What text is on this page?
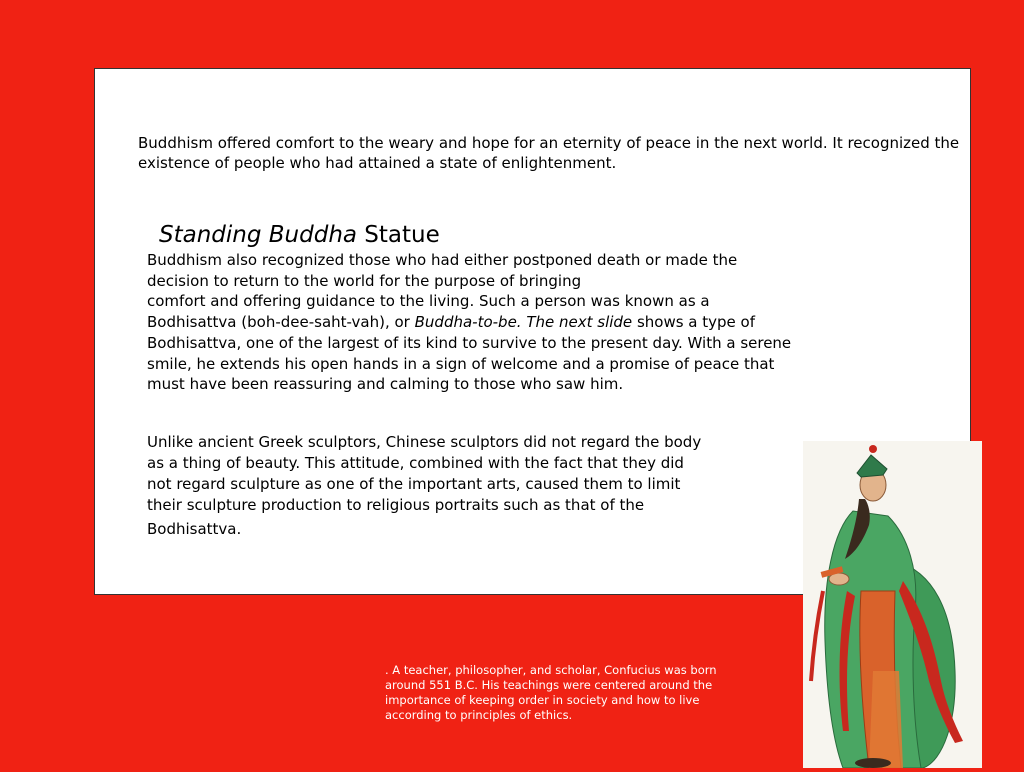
Buddhism offered comfort to the weary and hope for an eternity of peace in the next world. It recognized the existence of people who had attained a state of enlightenment.

Standing Buddha Statue

Buddhism also recognized those who had either postponed death or made the
decision to return to the world for the purpose of bringing
comfort and offering guidance to the living. Such a person was known as a
Bodhisattva (boh-dee-saht-vah), or Buddha-to-be. The next slide shows a type of
Bodhisattva, one of the largest of its kind to survive to the present day. With a serene
smile, he extends his open hands in a sign of welcome and a promise of peace that
must have been reassuring and calming to those who saw him.

Unlike ancient Greek sculptors, Chinese sculptors did not regard the body
as a thing of beauty. This attitude, combined with the fact that they did
not regard sculpture as one of the important arts, caused them to limit
their sculpture production to religious portraits such as that of the
Bodhisattva.

. A teacher, philosopher, and scholar, Confucius was born
around 551 B.C. His teachings were centered around the
importance of keeping order in society and how to live
according to principles of ethics.
